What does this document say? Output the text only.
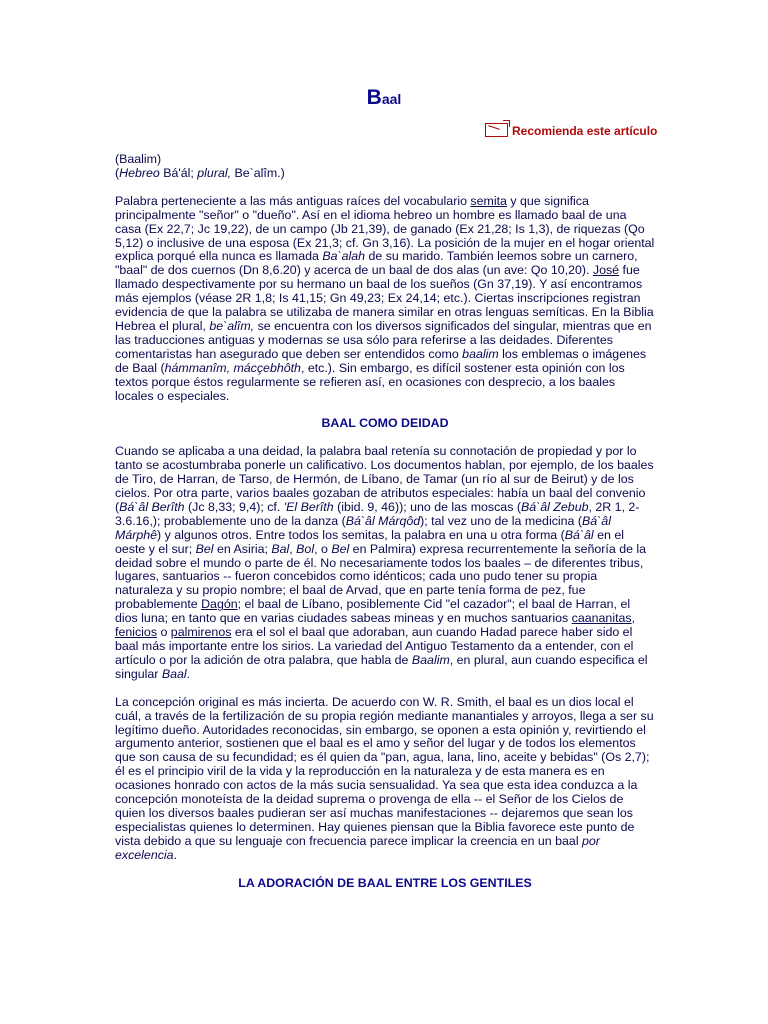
Baal
Recomienda este artículo

(Baalim)

(Hebreo Bá'ál; plural, Be`alîm.)

Palabra perteneciente a las más antiguas raíces del vocabulario semita y que significa principalmente "señor" o "dueño". Así en el idioma hebreo un hombre es llamado baal de una casa (Ex 22,7; Jc 19,22), de un campo (Jb 21,39), de ganado (Ex 21,28; Is 1,3), de riquezas (Qo 5,12) o inclusive de una esposa (Ex 21,3; cf. Gn 3,16). La posición de la mujer en el hogar oriental explica porqué ella nunca es llamada Ba`alah de su marido. También leemos sobre un carnero, "baal" de dos cuernos (Dn 8,6.20) y acerca de un baal de dos alas (un ave: Qo 10,20). José fue llamado despectivamente por su hermano un baal de los sueños (Gn 37,19). Y así encontramos más ejemplos (véase 2R 1,8; Is 41,15; Gn 49,23; Ex 24,14; etc.). Ciertas inscripciones registran evidencia de que la palabra se utilizaba de manera similar en otras lenguas semíticas. En la Biblia Hebrea el plural, be`alîm, se encuentra con los diversos significados del singular, mientras que en las traducciones antiguas y modernas se usa sólo para referirse a las deidades. Diferentes comentaristas han asegurado que deben ser entendidos como baalim los emblemas o imágenes de Baal (hámmanîm, mácçebhôth, etc.). Sin embargo, es difícil sostener esta opinión con los textos porque éstos regularmente se refieren así, en ocasiones con desprecio, a los baales locales o especiales.

BAAL COMO DEIDAD

Cuando se aplicaba a una deidad, la palabra baal retenía su connotación de propiedad y por lo tanto se acostumbraba ponerle un calificativo. Los documentos hablan, por ejemplo, de los baales de Tiro, de Harran, de Tarso, de Hermón, de Líbano, de Tamar (un río al sur de Beirut) y de los cielos. Por otra parte, varios baales gozaban de atributos especiales: había un baal del convenio (Bá`âl Berîth (Jc 8,33; 9,4); cf. 'El Berîth (ibid. 9, 46)); uno de las moscas (Bá`âl Zebub, 2R 1, 2-3.6.16,); probablemente uno de la danza (Bá`âl Márqôd); tal vez uno de la medicina (Bá`âl Márphê) y algunos otros. Entre todos los semitas, la palabra en una u otra forma (Bá`âl en el oeste y el sur; Bel en Asiria; Bal, Bol, o Bel en Palmira) expresa recurrentemente la señoría de la deidad sobre el mundo o parte de él. No necesariamente todos los baales – de diferentes tribus, lugares, santuarios -- fueron concebidos como idénticos; cada uno pudo tener su propia naturaleza y su propio nombre; el baal de Arvad, que en parte tenía forma de pez, fue probablemente Dagón; el baal de Líbano, posiblemente Cid "el cazador"; el baal de Harran, el dios luna; en tanto que en varias ciudades sabeas mineas y en muchos santuarios caananitas, fenicios o palmirenos era el sol el baal que adoraban, aun cuando Hadad parece haber sido el baal más importante entre los sirios. La variedad del Antiguo Testamento da a entender, con el artículo o por la adición de otra palabra, que habla de Baalim, en plural, aun cuando especifica el singular Baal.

La concepción original es más incierta. De acuerdo con W. R. Smith, el baal es un dios local el cuál, a través de la fertilización de su propia región mediante manantiales y arroyos, llega a ser su legítimo dueño. Autoridades reconocidas, sin embargo, se oponen a esta opinión y, revirtiendo el argumento anterior, sostienen que el baal es el amo y señor del lugar y de todos los elementos que son causa de su fecundidad; es él quien da "pan, agua, lana, lino, aceite y bebidas" (Os 2,7); él es el principio viril de la vida y la reproducción en la naturaleza y de esta manera es en ocasiones honrado con actos de la más sucia sensualidad. Ya sea que esta idea conduzca a la concepción monoteísta de la deidad suprema o provenga de ella -- el Señor de los Cielos de quien los diversos baales pudieran ser así muchas manifestaciones -- dejaremos que sean los especialistas quienes lo determinen. Hay quienes piensan que la Biblia favorece este punto de vista debido a que su lenguaje con frecuencia parece implicar la creencia en un baal por excelencia.

LA ADORACIÓN DE BAAL ENTRE LOS GENTILES
